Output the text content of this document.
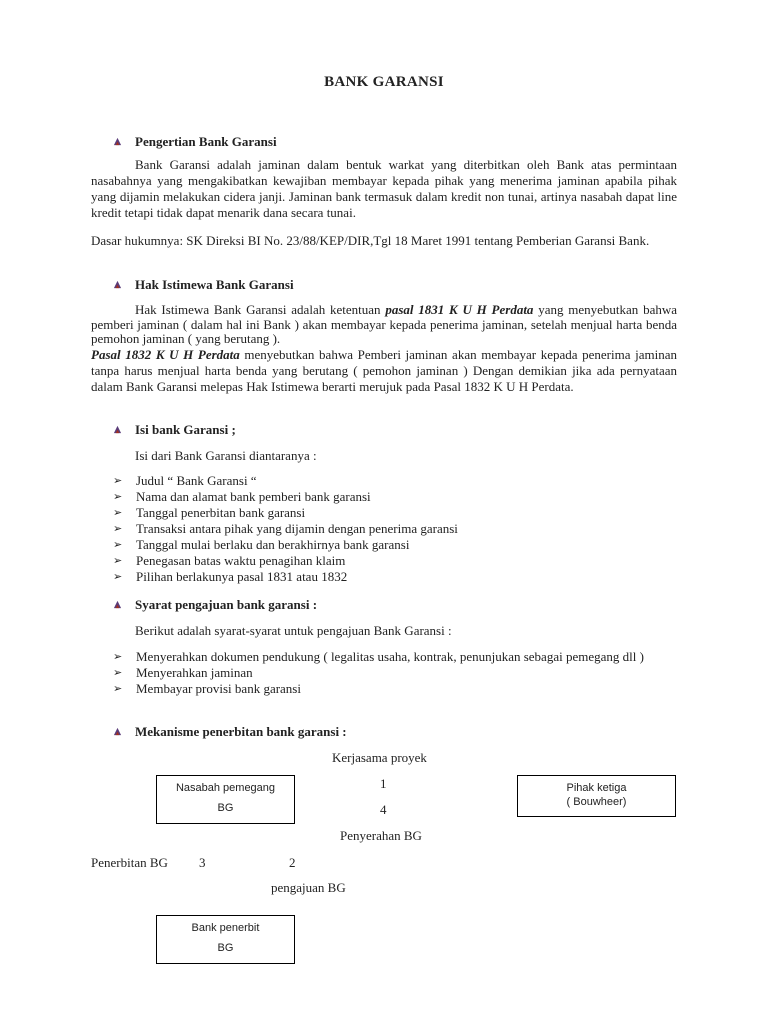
BANK GARANSI
Pengertian Bank Garansi
Bank Garansi adalah jaminan dalam bentuk warkat yang diterbitkan oleh Bank atas permintaan nasabahnya yang mengakibatkan kewajiban membayar kepada pihak yang menerima jaminan apabila pihak yang dijamin melakukan cidera janji. Jaminan bank termasuk dalam kredit non tunai, artinya nasabah dapat line kredit tetapi tidak dapat menarik dana secara tunai.
Dasar hukumnya: SK Direksi BI No. 23/88/KEP/DIR,Tgl 18 Maret 1991 tentang Pemberian Garansi Bank.
Hak Istimewa Bank Garansi
Hak Istimewa Bank Garansi adalah ketentuan pasal 1831 K U H Perdata yang menyebutkan bahwa pemberi jaminan ( dalam hal ini Bank ) akan membayar kepada penerima jaminan, setelah menjual harta benda pemohon jaminan ( yang berutang ).
Pasal 1832 K U H Perdata menyebutkan bahwa Pemberi jaminan akan membayar kepada penerima jaminan tanpa harus menjual harta benda yang berutang ( pemohon jaminan ) Dengan demikian jika ada pernyataan dalam Bank Garansi melepas Hak Istimewa berarti merujuk pada Pasal 1832 K U H Perdata.
Isi bank Garansi ;
Isi dari Bank Garansi diantaranya :
➢ Judul “ Bank Garansi “
➢ Nama dan alamat bank pemberi bank garansi
➢ Tanggal penerbitan bank garansi
➢ Transaksi antara pihak yang dijamin dengan penerima garansi
➢ Tanggal mulai berlaku dan berakhirnya bank garansi
➢ Penegasan batas waktu penagihan klaim
➢ Pilihan berlakunya pasal 1831 atau 1832
Syarat pengajuan bank garansi :
Berikut adalah syarat-syarat untuk pengajuan Bank Garansi :
➢ Menyerahkan dokumen pendukung ( legalitas usaha, kontrak, penunjukan sebagai pemegang dll )
➢ Menyerahkan jaminan
➢ Membayar provisi bank garansi
Mekanisme penerbitan bank garansi :
Kerjasama proyek
Nasabah pemegang
BG
1
4
Pihak ketiga
( Bouwheer)
Penyerahan BG
Penerbitan BG 3	2
pengajuan BG
Bank penerbit
BG
